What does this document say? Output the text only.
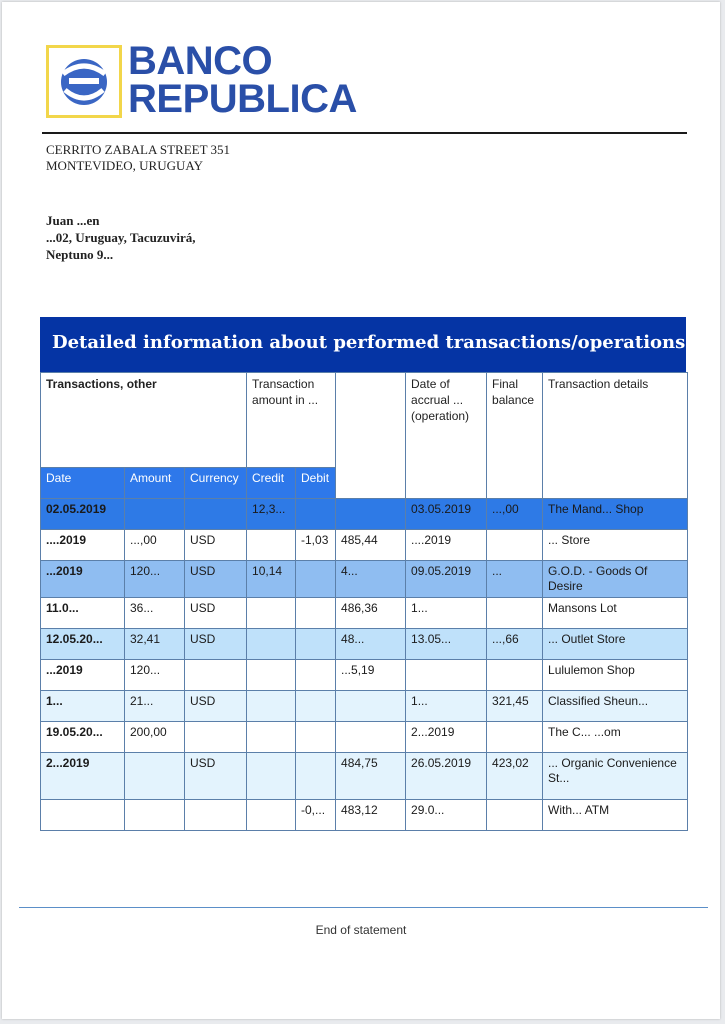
BANCO
REPUBLICA
CERRITO ZABALA STREET 351
MONTEVIDEO, URUGUAY
Juan ...en
...02, Uruguay, Tacuzuvirá,
Neptuno 9...
Detailed information about performed transactions/operations
Transactions, other			Transaction amount in ...			Date of accrual ... (operation)	Final balance	Transaction details
Date	Amount	Currency	Credit	Debit				
02.05.2019			12,3...			03.05.2019	...,00	The Mand... Shop
....2019	...,00	USD		-1,03	485,44	....2019		... Store
...2019	120...	USD	10,14		4...	09.05.2019	...	G.O.D. - Goods Of Desire
11.0...	36...	USD			486,36	1...		Mansons Lot
12.05.20...	32,41	USD			48...	13.05...	...,66	... Outlet Store
...2019	120...				...5,19			Lululemon Shop
1...	21...	USD				1...	321,45	Classified Sheun...
19.05.20...	200,00					2...2019		The C... ...om
2...2019		USD			484,75	26.05.2019	423,02	... Organic Convenience St...
				-0,...	483,12	29.0...		With... ATM
End of statement
